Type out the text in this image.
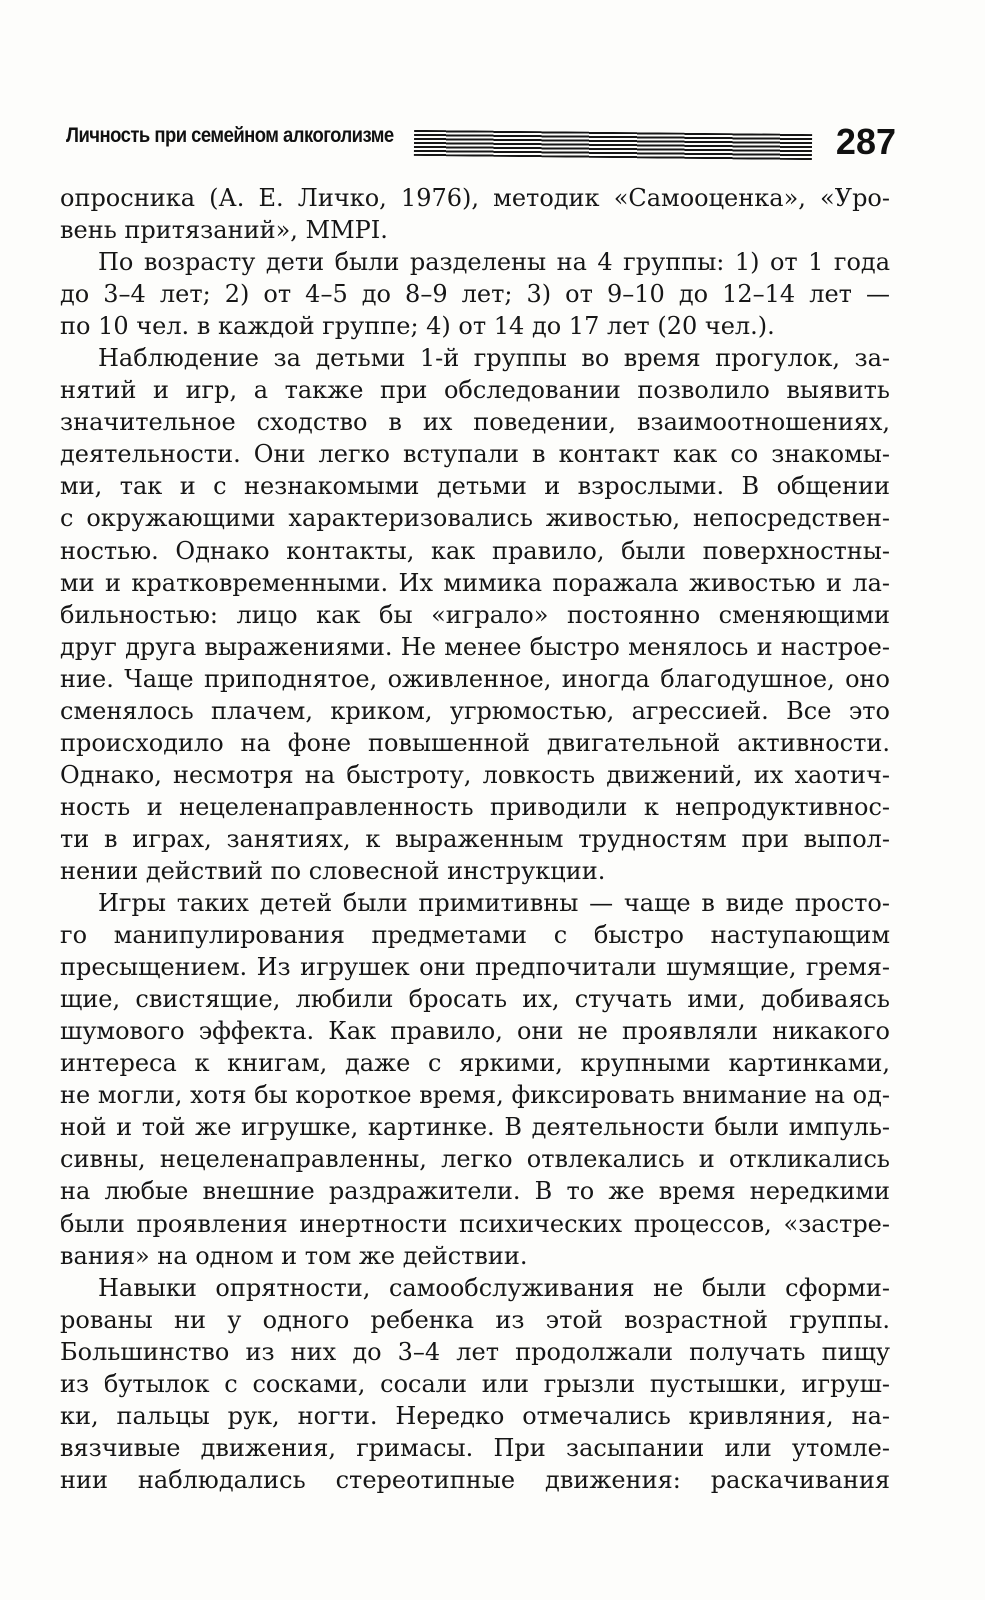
Личность при семейном алкоголизме	287

опросника (А. Е. Личко, 1976), методик «Самооценка», «Уро-

вень притязаний», MMPI.

По возрасту дети были разделены на 4 группы: 1) от 1 года

до 3–4 лет; 2) от 4–5 до 8–9 лет; 3) от 9–10 до 12–14 лет —

по 10 чел. в каждой группе; 4) от 14 до 17 лет (20 чел.).

Наблюдение за детьми 1-й группы во время прогулок, за-

нятий и игр, а также при обследовании позволило выявить

значительное сходство в их поведении, взаимоотношениях,

деятельности. Они легко вступали в контакт как со знакомы-

ми, так и с незнакомыми детьми и взрослыми. В общении

с окружающими характеризовались живостью, непосредствен-

ностью. Однако контакты, как правило, были поверхностны-

ми и кратковременными. Их мимика поражала живостью и ла-

бильностью: лицо как бы «играло» постоянно сменяющими

друг друга выражениями. Не менее быстро менялось и настрое-

ние. Чаще приподнятое, оживленное, иногда благодушное, оно

сменялось плачем, криком, угрюмостью, агрессией. Все это

происходило на фоне повышенной двигательной активности.

Однако, несмотря на быстроту, ловкость движений, их хаотич-

ность и нецеленаправленность приводили к непродуктивнос-

ти в играх, занятиях, к выраженным трудностям при выпол-

нении действий по словесной инструкции.

Игры таких детей были примитивны — чаще в виде просто-

го манипулирования предметами с быстро наступающим

пресыщением. Из игрушек они предпочитали шумящие, гремя-

щие, свистящие, любили бросать их, стучать ими, добиваясь

шумового эффекта. Как правило, они не проявляли никакого

интереса к книгам, даже с яркими, крупными картинками,

не могли, хотя бы короткое время, фиксировать внимание на од-

ной и той же игрушке, картинке. В деятельности были импуль-

сивны, нецеленаправленны, легко отвлекались и откликались

на любые внешние раздражители. В то же время нередкими

были проявления инертности психических процессов, «застре-

вания» на одном и том же действии.

Навыки опрятности, самообслуживания не были сформи-

рованы ни у одного ребенка из этой возрастной группы.

Большинство из них до 3–4 лет продолжали получать пищу

из бутылок с сосками, сосали или грызли пустышки, игруш-

ки, пальцы рук, ногти. Нередко отмечались кривляния, на-

вязчивые движения, гримасы. При засыпании или утомле-

нии наблюдались стереотипные движения: раскачивания
